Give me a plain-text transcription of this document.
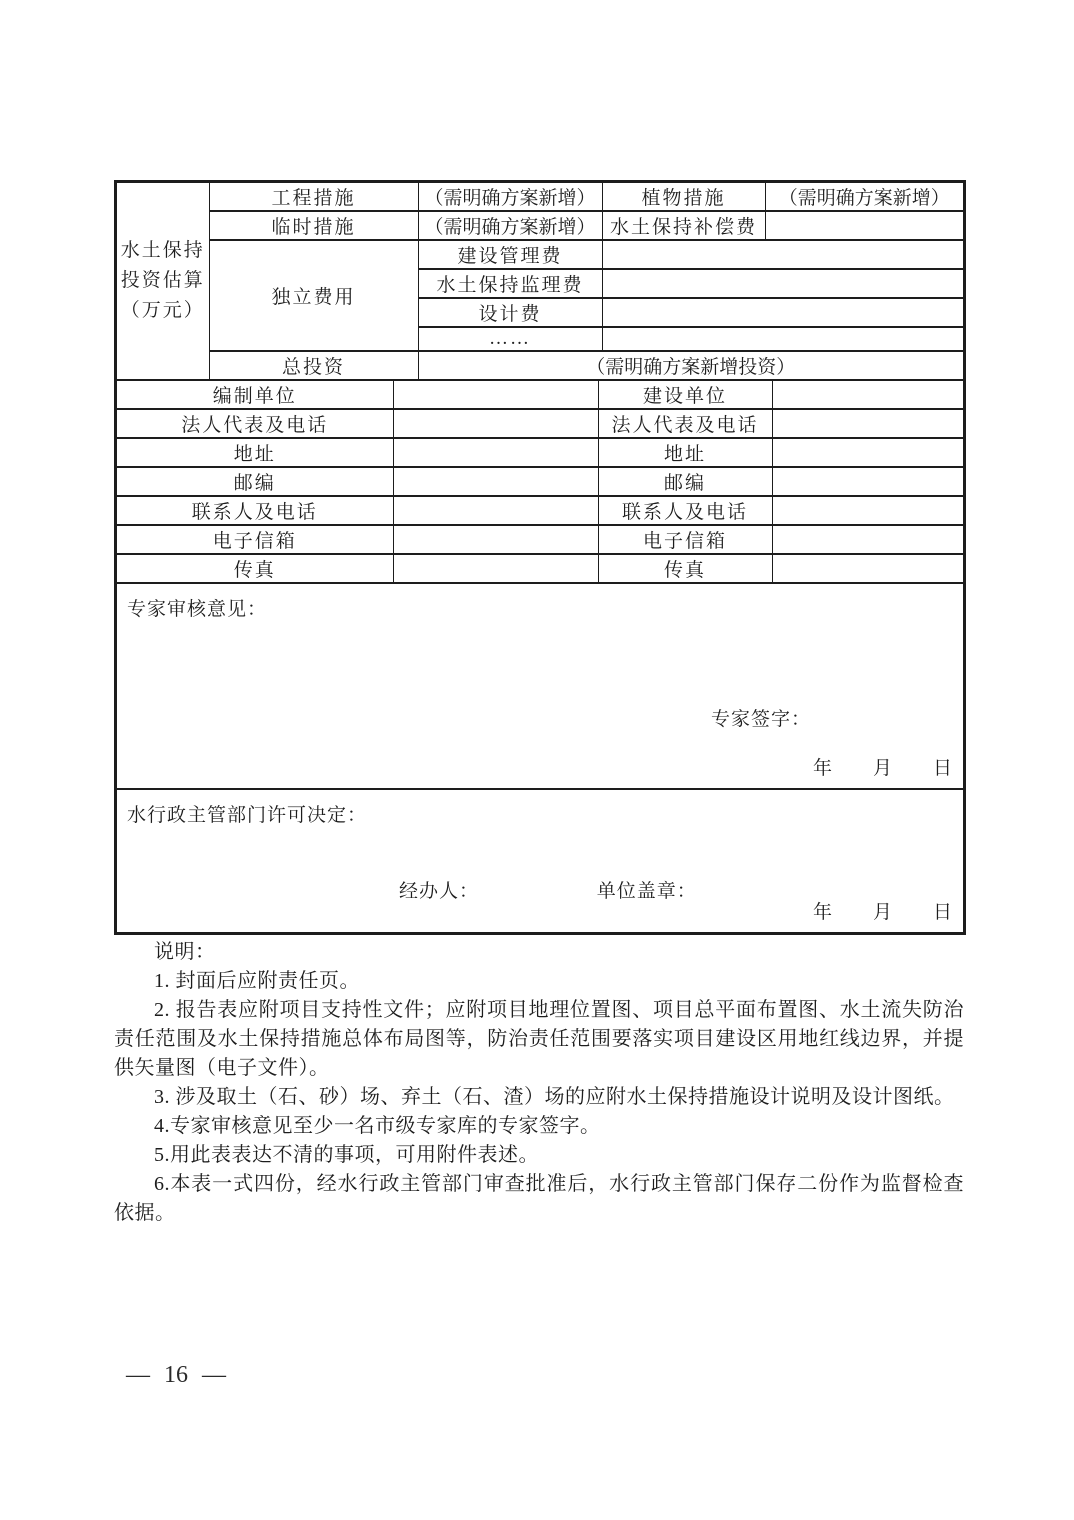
水土保持
投资估算
（万元）	工程措施	（需明确方案新增）	植物措施	（需明确方案新增）
	临时措施	（需明确方案新增）	水土保持补偿费	
	独立费用	建设管理费		
		水土保持监理费		
		设计费		
		……		
	总投资	（需明确方案新增投资）		
编制单位		建设单位	
法人代表及电话		法人代表及电话	
地址		地址	
邮编		邮编	
联系人及电话		联系人及电话	
电子信箱		电子信箱	
传真		传真	
专家审核意见：
专家签字：
年　　月　　日
水行政主管部门许可决定：
经办人：	单位盖章：
年　　月　　日

说明：

1. 封面后应附责任页。

2. 报告表应附项目支持性文件；应附项目地理位置图、项目总平面布置图、水土流失防治责任范围及水土保持措施总体布局图等，防治责任范围要落实项目建设区用地红线边界，并提供矢量图（电子文件）。

3. 涉及取土（石、砂）场、弃土（石、渣）场的应附水土保持措施设计说明及设计图纸。

4.专家审核意见至少一名市级专家库的专家签字。

5.用此表表达不清的事项，可用附件表述。

6.本表一式四份，经水行政主管部门审查批准后，水行政主管部门保存二份作为监督检查依据。

— 16 —
